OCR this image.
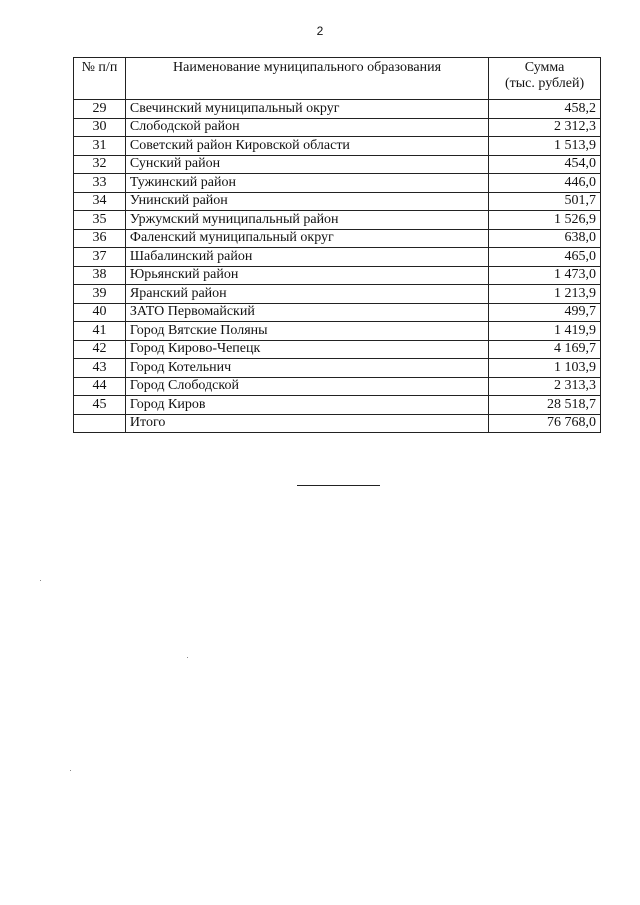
2
№ п/п	Наименование муниципального образования	Сумма
(тыс. рублей)

29	Свечинский муниципальный округ	458,2
30	Слободской район	2 312,3
31	Советский район Кировской области	1 513,9
32	Сунский район	454,0
33	Тужинский район	446,0
34	Унинский район	501,7
35	Уржумский муниципальный район	1 526,9
36	Фаленский муниципальный округ	638,0
37	Шабалинский район	465,0
38	Юрьянский район	1 473,0
39	Яранский район	1 213,9
40	ЗАТО Первомайский	499,7
41	Город Вятские Поляны	1 419,9
42	Город Кирово-Чепецк	4 169,7
43	Город Котельнич	1 103,9
44	Город Слободской	2 313,3
45	Город Киров	28 518,7
	Итого	76 768,0
